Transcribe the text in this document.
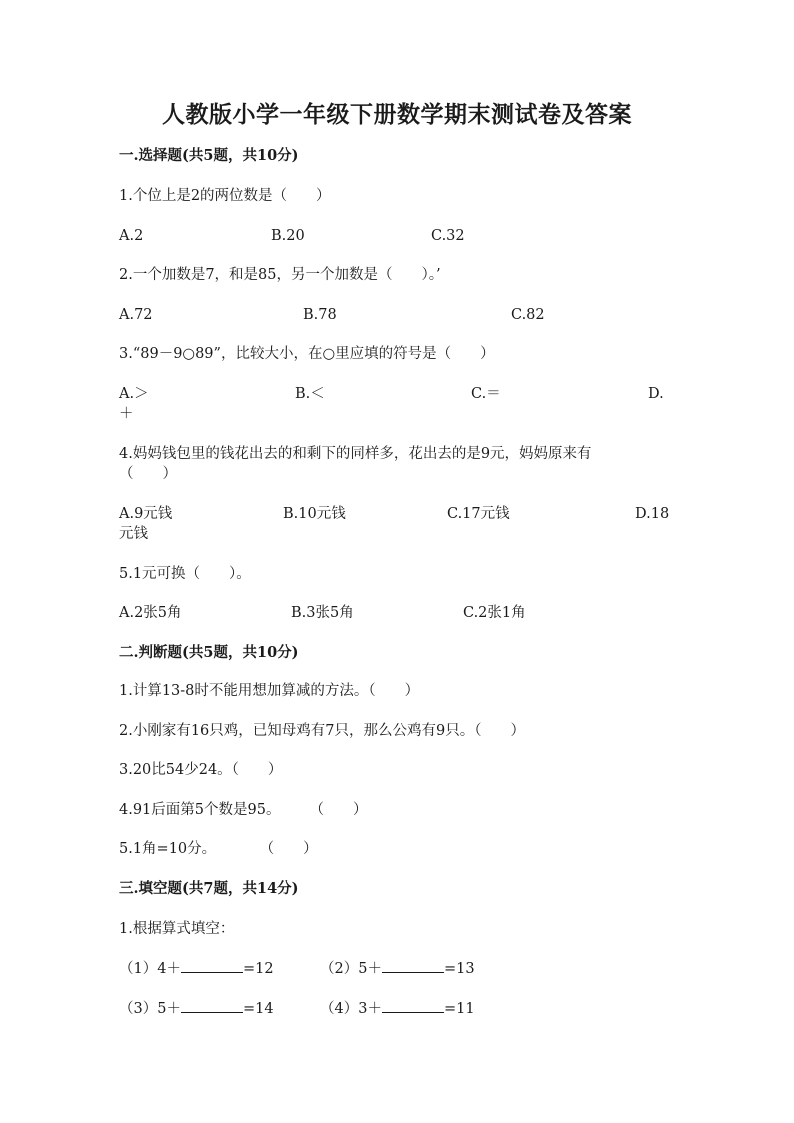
人教版小学一年级下册数学期末测试卷及答案
一.选择题(共5题，共10分)
1.个位上是2的两位数是（　　）
A.2	B.20	C.32
2.一个加数是7，和是85，另一个加数是（　　）。’
A.72	B.78	C.82
3.“89－9○89”，比较大小，在○里应填的符号是（　　）
A.＞	B.＜	C.＝	D.
＋
4.妈妈钱包里的钱花出去的和剩下的同样多，花出去的是9元，妈妈原来有
（　　）
A.9元钱	B.10元钱	C.17元钱	D.18
元钱
5.1元可换（　　）。
A.2张5角	B.3张5角	C.2张1角
二.判断题(共5题，共10分)
1.计算13-8时不能用想加算减的方法。（　　）
2.小刚家有16只鸡，已知母鸡有7只，那么公鸡有9只。（　　）
3.20比54少24。（　　）
4.91后面第5个数是95。　　　（　　）
5.1角=10分。　　　　（　　）
三.填空题(共7题，共14分)
1.根据算式填空：
（1）4＋	=12	（2）5＋	=13
（3）5＋	=14	（4）3＋	=11
